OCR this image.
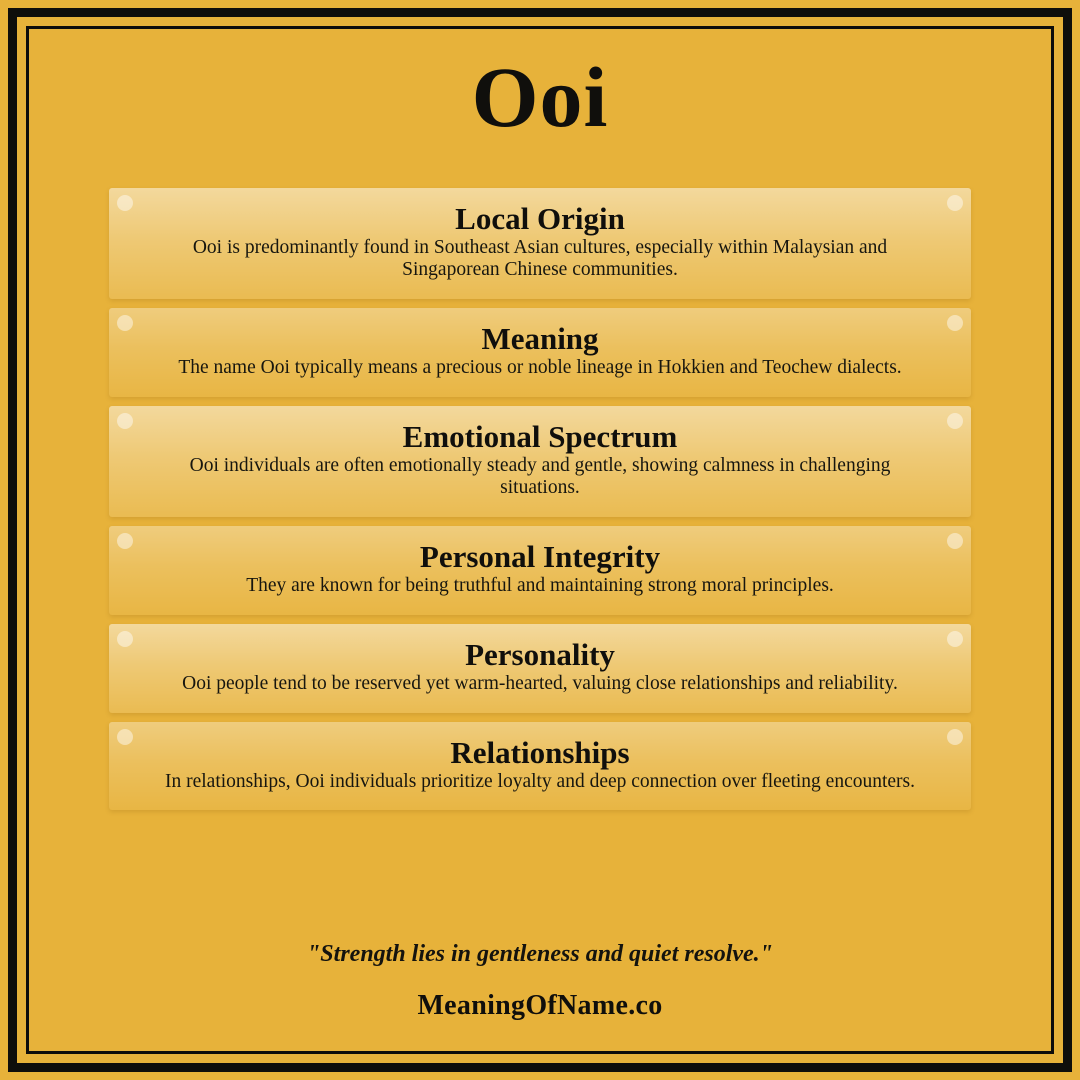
Ooi
Local Origin
Ooi is predominantly found in Southeast Asian cultures, especially within Malaysian and Singaporean Chinese communities.
Meaning
The name Ooi typically means a precious or noble lineage in Hokkien and Teochew dialects.
Emotional Spectrum
Ooi individuals are often emotionally steady and gentle, showing calmness in challenging situations.
Personal Integrity
They are known for being truthful and maintaining strong moral principles.
Personality
Ooi people tend to be reserved yet warm-hearted, valuing close relationships and reliability.
Relationships
In relationships, Ooi individuals prioritize loyalty and deep connection over fleeting encounters.
"Strength lies in gentleness and quiet resolve."
MeaningOfName.co
